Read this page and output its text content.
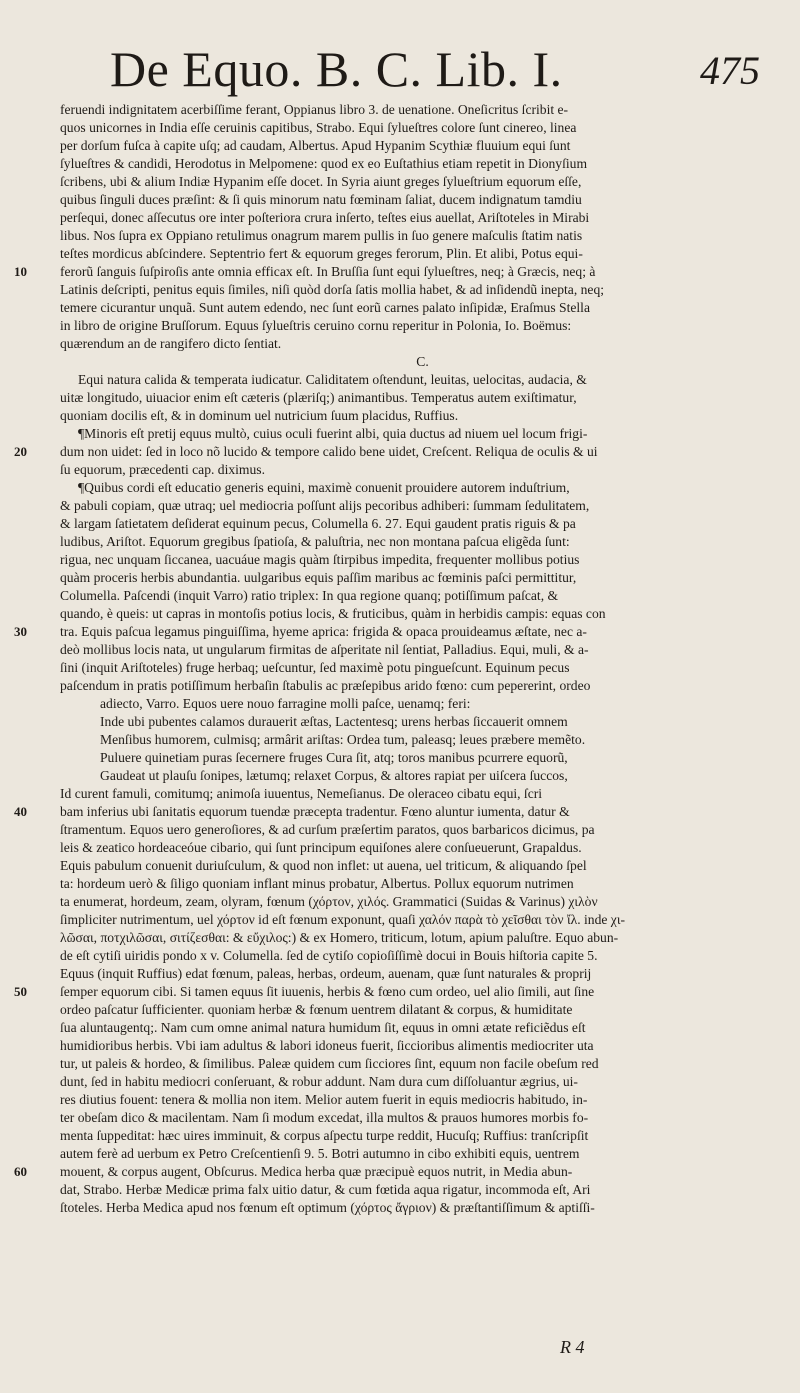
De Equo. B. C. Lib. I.	475
10
20
30
40
50
60
feruendi indignitatem acerbiſſime ferant, Oppianus libro 3. de uenatione. Oneſicritus ſcribit e-
quos unicornes in India eſſe ceruinis capitibus, Strabo. Equi ſylueſtres colore ſunt cinereo, linea
per dorſum fuſca à capite uſq; ad caudam, Albertus. Apud Hypanim Scythiæ fluuium equi ſunt
ſylueſtres & candidi, Herodotus in Melpomene: quod ex eo Euſtathius etiam repetit in Dionyſium
ſcribens, ubi & alium Indiæ Hypanim eſſe docet. In Syria aiunt greges ſylueſtrium equorum eſſe,
quibus ſinguli duces præſint: & ſi quis minorum natu fœminam ſaliat, ducem indignatum tamdiu
perſequi, donec aſſecutus ore inter poſteriora crura inſerto, teſtes eius auellat, Ariſtoteles in Mirabi
libus. Nos ſupra ex Oppiano retulimus onagrum marem pullis in ſuo genere maſculis ſtatim natis
teſtes mordicus abſcindere. Septentrio fert & equorum greges ferorum, Plin. Et alibi, Potus equi-
ferorũ ſanguis ſuſpiroſis ante omnia efficax eſt. In Bruſſia ſunt equi ſylueſtres, neq; à Græcis, neq; à
Latinis deſcripti, penitus equis ſimiles, niſi quòd dorſa ſatis mollia habet, & ad inſidendũ inepta, neq;
temere cicurantur unquã. Sunt autem edendo, nec ſunt eorũ carnes palato inſipidæ, Eraſmus Stella
in libro de origine Bruſſorum. Equus ſylueſtris ceruino cornu reperitur in Polonia, Io. Boëmus:
quærendum an de rangifero dicto ſentiat.
C.
Equi natura calida & temperata iudicatur. Caliditatem oſtendunt, leuitas, uelocitas, audacia, &
uitæ longitudo, uiuacior enim eſt cæteris (plæriſq;) animantibus. Temperatus autem exiſtimatur,
quoniam docilis eſt, & in dominum uel nutricium ſuum placidus, Ruffius.
¶Minoris eſt pretij equus multò, cuius oculi fuerint albi, quia ductus ad niuem uel locum frigi-
dum non uidet: ſed in loco nõ lucido & tempore calido bene uidet, Creſcent. Reliqua de oculis & ui
ſu equorum, præcedenti cap. diximus.
¶Quibus cordi eſt educatio generis equini, maximè conuenit prouidere autorem induſtrium,
& pabuli copiam, quæ utraq; uel mediocria poſſunt alijs pecoribus adhiberi: ſummam ſedulitatem,
& largam ſatietatem deſiderat equinum pecus, Columella 6. 27. Equi gaudent pratis riguis & pa
ludibus, Ariſtot. Equorum gregibus ſpatioſa, & paluſtria, nec non montana paſcua eligẽda ſunt:
rigua, nec unquam ſiccanea, uacuáue magis quàm ſtirpibus impedita, frequenter mollibus potius
quàm proceris herbis abundantia. uulgaribus equis paſſim maribus ac fœminis paſci permittitur,
Columella. Paſcendi (inquit Varro) ratio triplex: In qua regione quanq; potiſſimum paſcat, &
quando, è queis: ut capras in montoſis potius locis, & fruticibus, quàm in herbidis campis: equas con
tra. Equis paſcua legamus pinguiſſima, hyeme aprica: frigida & opaca prouideamus æſtate, nec a-
deò mollibus locis nata, ut ungularum firmitas de aſperitate nil ſentiat, Palladius. Equi, muli, & a-
ſini (inquit Ariſtoteles) fruge herbaq; ueſcuntur, ſed maximè potu pingueſcunt. Equinum pecus
paſcendum in pratis potiſſimum herbaſin ſtabulis ac præſepibus arido fœno: cum pepererint, ordeo
adiecto, Varro. Equos uere nouo farragine molli paſce, uenamq; feri:
Inde ubi pubentes calamos durauerit æſtas, Lactentesq; urens herbas ſiccauerit omnem
Menſibus humorem, culmisq; armârit ariſtas: Ordea tum, paleasq; leues præbere memẽto.
Puluere quinetiam puras ſecernere fruges Cura ſit, atq; toros manibus pcurrere equorũ,
Gaudeat ut plauſu ſonipes, lætumq; relaxet Corpus, & altores rapiat per uiſcera ſuccos,
Id curent famuli, comitumq; animoſa iuuentus, Nemeſianus. De oleraceo cibatu equi, ſcri
bam inferius ubi ſanitatis equorum tuendæ præcepta tradentur. Fœno aluntur iumenta, datur &
ſtramentum. Equos uero generoſiores, & ad curſum præſertim paratos, quos barbaricos dicimus, pa
leis & zeatico hordeaceóue cibario, qui ſunt principum equiſones alere conſueuerunt, Grapaldus.
Equis pabulum conuenit duriuſculum, & quod non inflet: ut auena, uel triticum, & aliquando ſpel
ta: hordeum uerò & ſiligo quoniam inflant minus probatur, Albertus. Pollux equorum nutrimen
ta enumerat, hordeum, zeam, olyram, fœnum (χόρτον, χιλός. Grammatici (Suidas & Varinus) χιλὸν
ſimpliciter nutrimentum, uel χόρτον id eſt fœnum exponunt, quaſi χαλόν παρὰ τὸ χεῖσθαι τὸν ἴλ. inde χι-
λῶσαι, ποτχιλῶσαι, σιτίζεσθαι: & εὔχιλος:) & ex Homero, triticum, lotum, apium paluſtre. Equo abun-
de eſt cytiſi uiridis pondo x v. Columella. ſed de cytiſo copioſiſſimè docui in Bouis hiſtoria capite 5.
Equus (inquit Ruffius) edat fœnum, paleas, herbas, ordeum, auenam, quæ ſunt naturales & proprij
ſemper equorum cibi. Si tamen equus ſit iuuenis, herbis & fœno cum ordeo, uel alio ſimili, aut ſine
ordeo paſcatur ſufficienter. quoniam herbæ & fœnum uentrem dilatant & corpus, & humiditate
ſua aluntaugentq;. Nam cum omne animal natura humidum ſit, equus in omni ætate reficiẽdus eſt
humidioribus herbis. Vbi iam adultus & labori idoneus fuerit, ſiccioribus alimentis mediocriter uta
tur, ut paleis & hordeo, & ſimilibus. Paleæ quidem cum ſicciores ſint, equum non facile obeſum red
dunt, ſed in habitu mediocri conſeruant, & robur addunt. Nam dura cum diſſoluantur ægrius, ui-
res diutius fouent: tenera & mollia non item. Melior autem fuerit in equis mediocris habitudo, in-
ter obeſam dico & macilentam. Nam ſi modum excedat, illa multos & prauos humores morbis fo-
menta ſuppeditat: hæc uires imminuit, & corpus aſpectu turpe reddit, Hucuſq; Ruffius: tranſcripſit
autem ferè ad uerbum ex Petro Creſcentienſi 9. 5. Botri autumno in cibo exhibiti equis, uentrem
mouent, & corpus augent, Obſcurus. Medica herba quæ præcipuè equos nutrit, in Media abun-
dat, Strabo. Herbæ Medicæ prima falx uitio datur, & cum fœtida aqua rigatur, incommoda eſt, Ari
ſtoteles. Herba Medica apud nos fœnum eſt optimum (χόρτος ἄγριον) & præſtantiſſimum & aptiſſi-
R 4
